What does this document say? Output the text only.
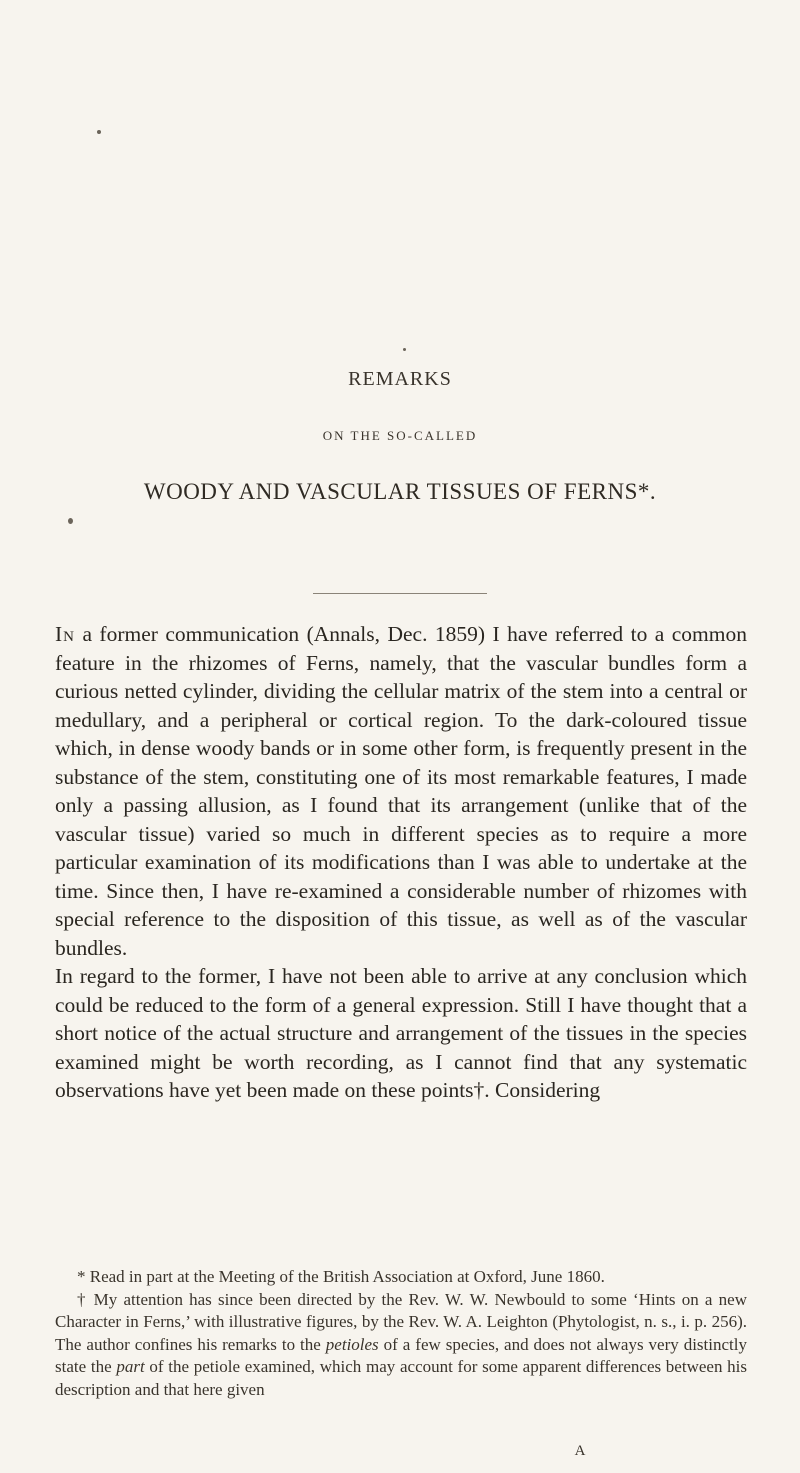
REMARKS
ON THE SO-CALLED
WOODY AND VASCULAR TISSUES OF FERNS*.

In a former communication (Annals, Dec. 1859) I have referred to a common feature in the rhizomes of Ferns, namely, that the vascular bundles form a curious netted cylinder, dividing the cellular matrix of the stem into a central or medullary, and a peripheral or cortical region. To the dark-coloured tissue which, in dense woody bands or in some other form, is frequently present in the substance of the stem, constituting one of its most remarkable features, I made only a passing allusion, as I found that its arrangement (unlike that of the vascular tissue) varied so much in different species as to require a more particular examination of its modifications than I was able to undertake at the time. Since then, I have re-examined a considerable number of rhizomes with special reference to the disposition of this tissue, as well as of the vascular bundles.

In regard to the former, I have not been able to arrive at any conclusion which could be reduced to the form of a general expression. Still I have thought that a short notice of the actual structure and arrangement of the tissues in the species examined might be worth recording, as I cannot find that any systematic observations have yet been made on these points†. Considering

* Read in part at the Meeting of the British Association at Oxford, June 1860.

† My attention has since been directed by the Rev. W. W. Newbould to some ‘Hints on a new Character in Ferns,’ with illustrative figures, by the Rev. W. A. Leighton (Phytologist, n. s., i. p. 256). The author confines his remarks to the petioles of a few species, and does not always very distinctly state the part of the petiole examined, which may account for some apparent differences between his description and that here given

A
